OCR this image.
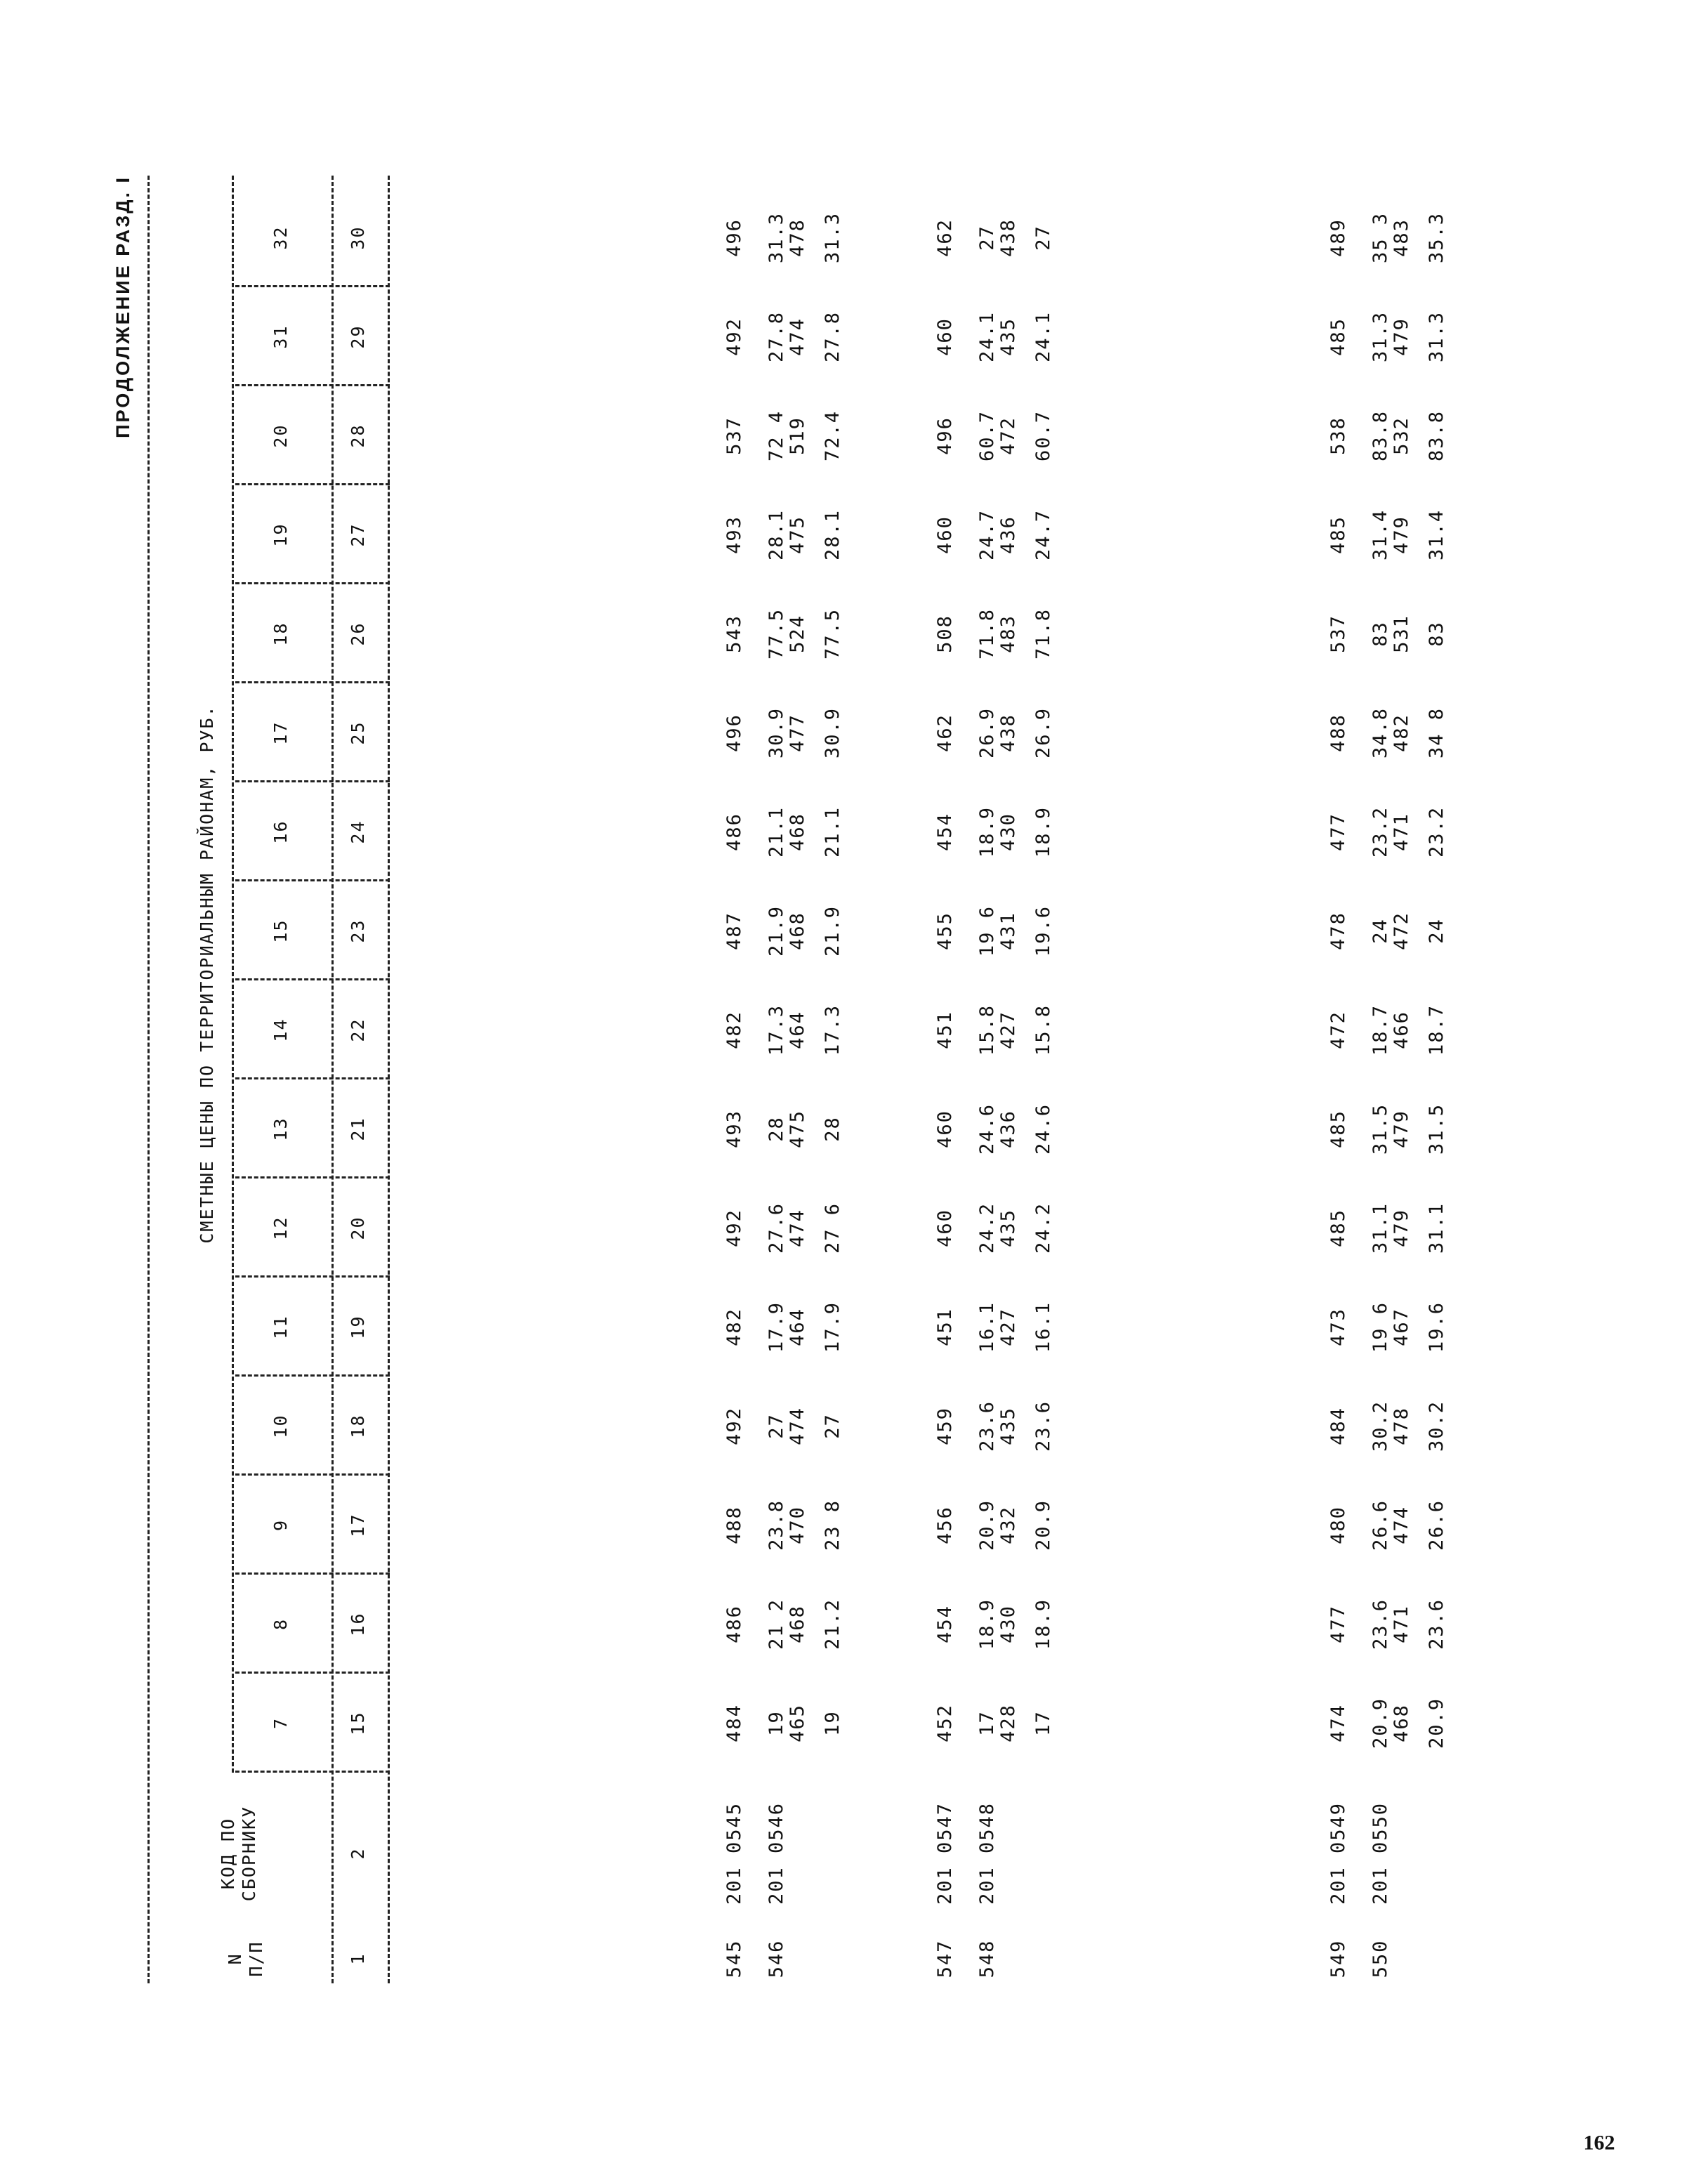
ПРОДОЛЖЕНИЕ РАЗД. I
162
N П/П
КОД ПО СБОРНИКУ
СМЕТНЫЕ ЦЕНЫ ПО ТЕРРИТОРИАЛЬНЫМ РАЙОНАМ, РУБ.
7
8
9
10
11
12
13
14
15
16
17
18
19
20
31
32
1
2
15
16
17
18
19
20
21
22
23
24
25
26
27
28
29
30
545
201 0545
484
486
488
492
482
492
493
482
487
486
496
543
493
537
492
496
546
201 0546
19
21 2
23.8
27
17.9
27.6
28
17.3
21.9
21.1
30.9
77.5
28.1
72 4
27.8
31.3
465
468
470
474
464
474
475
464
468
468
477
524
475
519
474
478
19
21.2
23 8
27
17.9
27 6
28
17.3
21.9
21.1
30.9
77.5
28.1
72.4
27.8
31.3
547
201 0547
452
454
456
459
451
460
460
451
455
454
462
508
460
496
460
462
548
201 0548
17
18.9
20.9
23.6
16.1
24.2
24.6
15.8
19 6
18.9
26.9
71.8
24.7
60.7
24.1
27
428
430
432
435
427
435
436
427
431
430
438
483
436
472
435
438
17
18.9
20.9
23.6
16.1
24.2
24.6
15.8
19.6
18.9
26.9
71.8
24.7
60.7
24.1
27
549
201 0549
474
477
480
484
473
485
485
472
478
477
488
537
485
538
485
489
550
201 0550
20.9
23.6
26.6
30.2
19 6
31.1
31.5
18.7
24
23.2
34.8
83
31.4
83.8
31.3
35 3
468
471
474
478
467
479
479
466
472
471
482
531
479
532
479
483
20.9
23.6
26.6
30.2
19.6
31.1
31.5
18.7
24
23.2
34 8
83
31.4
83.8
31.3
35.3
